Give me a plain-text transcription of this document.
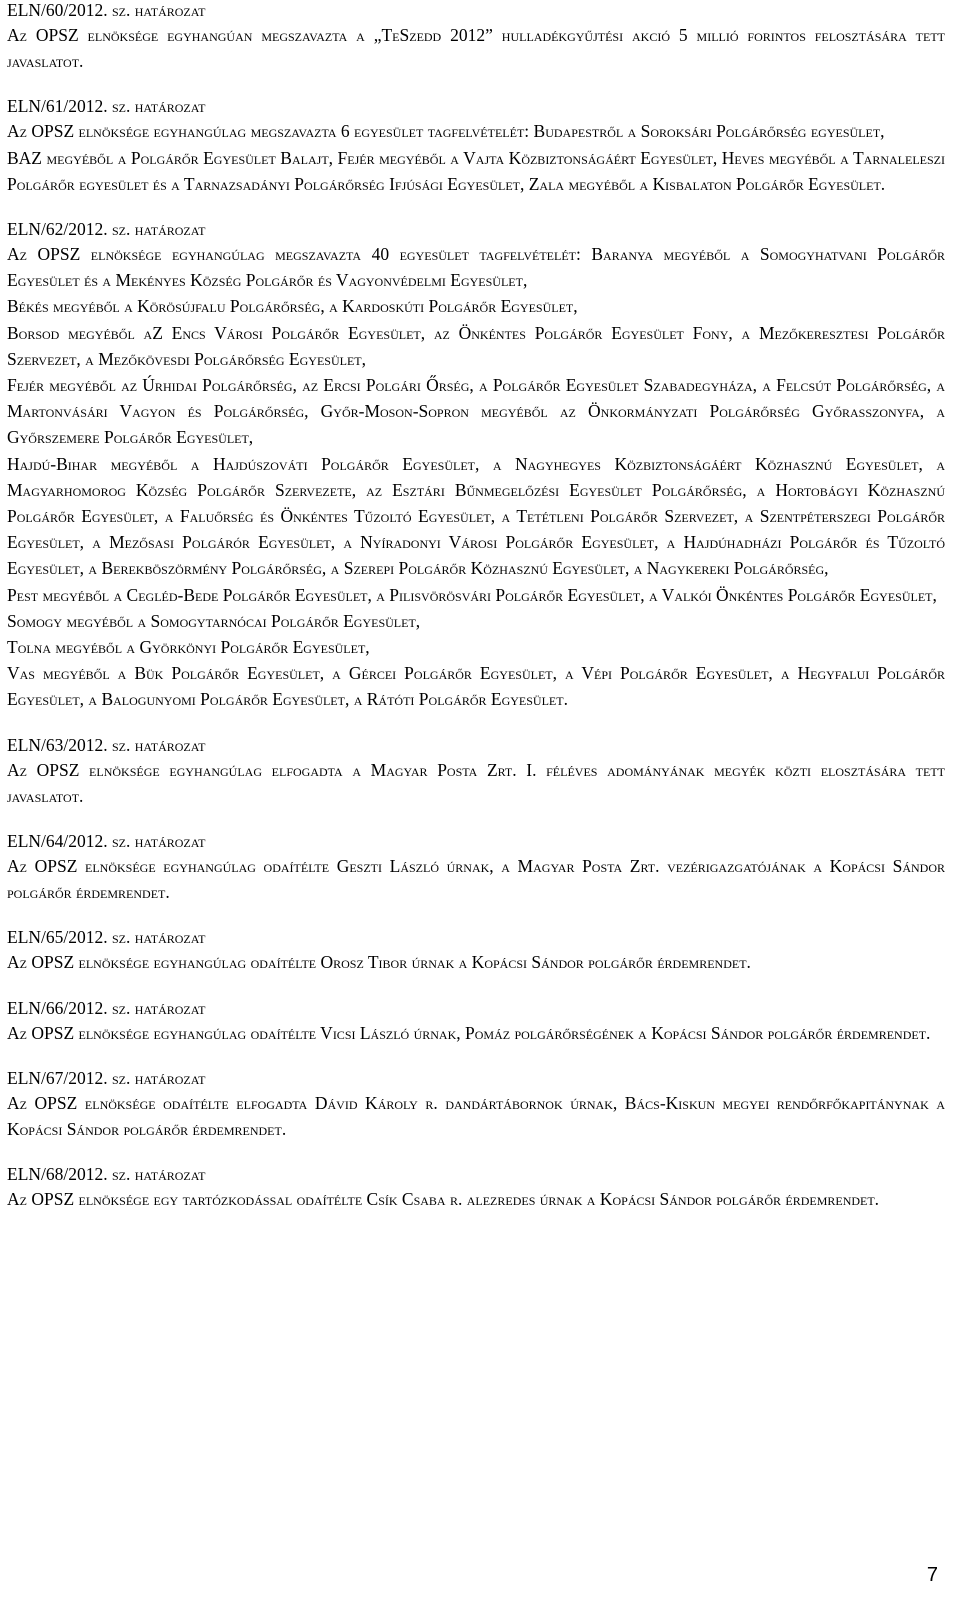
ELN/60/2012. sz. határozat

Az OPSZ elnöksége egyhangúan megszavazta a „TeSzedd 2012” hulladékgyűjtési akció 5 millió forintos felosztására tett javaslatot.

ELN/61/2012. sz. határozat

Az OPSZ elnöksége egyhangúlag megszavazta 6 egyesület tagfelvételét: Budapestről a Soroksári Polgárőrség egyesület,

BAZ megyéből a Polgárőr Egyesület Balajt, Fejér megyéből a Vajta Közbiztonságáért Egyesület, Heves megyéből a Tarnaleleszi Polgárőr egyesület és a Tarnazsadányi Polgárőrség Ifjúsági Egyesület, Zala megyéből a Kisbalaton Polgárőr Egyesület.

ELN/62/2012. sz. határozat

Az OPSZ elnöksége egyhangúlag megszavazta 40 egyesület tagfelvételét: Baranya megyéből a Somogyhatvani Polgárőr Egyesület és a Mekényes Község Polgárőr és Vagyonvédelmi Egyesület,

Békés megyéből a Körösújfalu Polgárőrség, a Kardoskúti Polgárőr Egyesület,

Borsod megyéből aZ Encs Városi Polgárőr Egyesület, az Önkéntes Polgárőr Egyesület Fony, a Mezőkeresztesi Polgárőr Szervezet, a Mezőkövesdi Polgárőrség Egyesület,

Fejér megyéből az Úrhidai Polgárőrség, az Ercsi Polgári Őrség, a Polgárőr Egyesület Szabadegyháza, a Felcsút Polgárőrség, a Martonvásári Vagyon és Polgárőrség, Győr-Moson-Sopron megyéből az Önkormányzati Polgárőrség Győrasszonyfa, a Győrszemere Polgárőr Egyesület,

Hajdú-Bihar megyéből a Hajdúszováti Polgárőr Egyesület, a Nagyhegyes Közbiztonságáért Közhasznú Egyesület, a Magyarhomorog Község Polgárőr Szervezete, az Esztári Bűnmegelőzési Egyesület Polgárőrség, a Hortobágyi Közhasznú Polgárőr Egyesület, a Faluőrség és Önkéntes Tűzoltó Egyesület, a Tetétleni Polgárőr Szervezet, a Szentpéterszegi Polgárőr Egyesület, a Mezősasi Polgárór Egyesület, a Nyíradonyi Városi Polgárőr Egyesület, a Hajdúhadházi Polgárőr és Tűzoltó Egyesület, a Berekböszörmény Polgárőrség, a Szerepi Polgárőr Közhasznú Egyesület, a Nagykereki Polgárőrség,

Pest megyéből a Cegléd-Bede Polgárőr Egyesület, a Pilisvörösvári Polgárőr Egyesület, a Valkói Önkéntes Polgárőr Egyesület,

Somogy megyéből a Somogytarnócai Polgárőr Egyesület,

Tolna megyéből a Györkönyi Polgárőr Egyesület,

Vas megyéből a Bük Polgárőr Egyesület, a Gércei Polgárőr Egyesület, a Vépi Polgárőr Egyesület, a Hegyfalui Polgárőr Egyesület, a Balogunyomi Polgárőr Egyesület, a Rátóti Polgárőr Egyesület.

ELN/63/2012. sz. határozat

Az OPSZ elnöksége egyhangúlag elfogadta a Magyar Posta Zrt. I. féléves adományának megyék közti elosztására tett javaslatot.

ELN/64/2012. sz. határozat

Az OPSZ elnöksége egyhangúlag odaítélte Geszti László úrnak, a Magyar Posta Zrt. vezérigazgatójának a Kopácsi Sándor polgárőr érdemrendet.

ELN/65/2012. sz. határozat

Az OPSZ elnöksége egyhangúlag odaítélte Orosz Tibor úrnak a Kopácsi Sándor polgárőr érdemrendet.

ELN/66/2012. sz. határozat

Az OPSZ elnöksége egyhangúlag odaítélte Vicsi László úrnak, Pomáz polgárőrségének a Kopácsi Sándor polgárőr érdemrendet.

ELN/67/2012. sz. határozat

Az OPSZ elnöksége odaítélte elfogadta Dávid Károly r. dandártábornok úrnak, Bács-Kiskun megyei rendőrfőkapitánynak a Kopácsi Sándor polgárőr érdemrendet.

ELN/68/2012. sz. határozat

Az OPSZ elnöksége egy tartózkodással odaítélte Csík Csaba r. alezredes úrnak a Kopácsi Sándor polgárőr érdemrendet.

7
